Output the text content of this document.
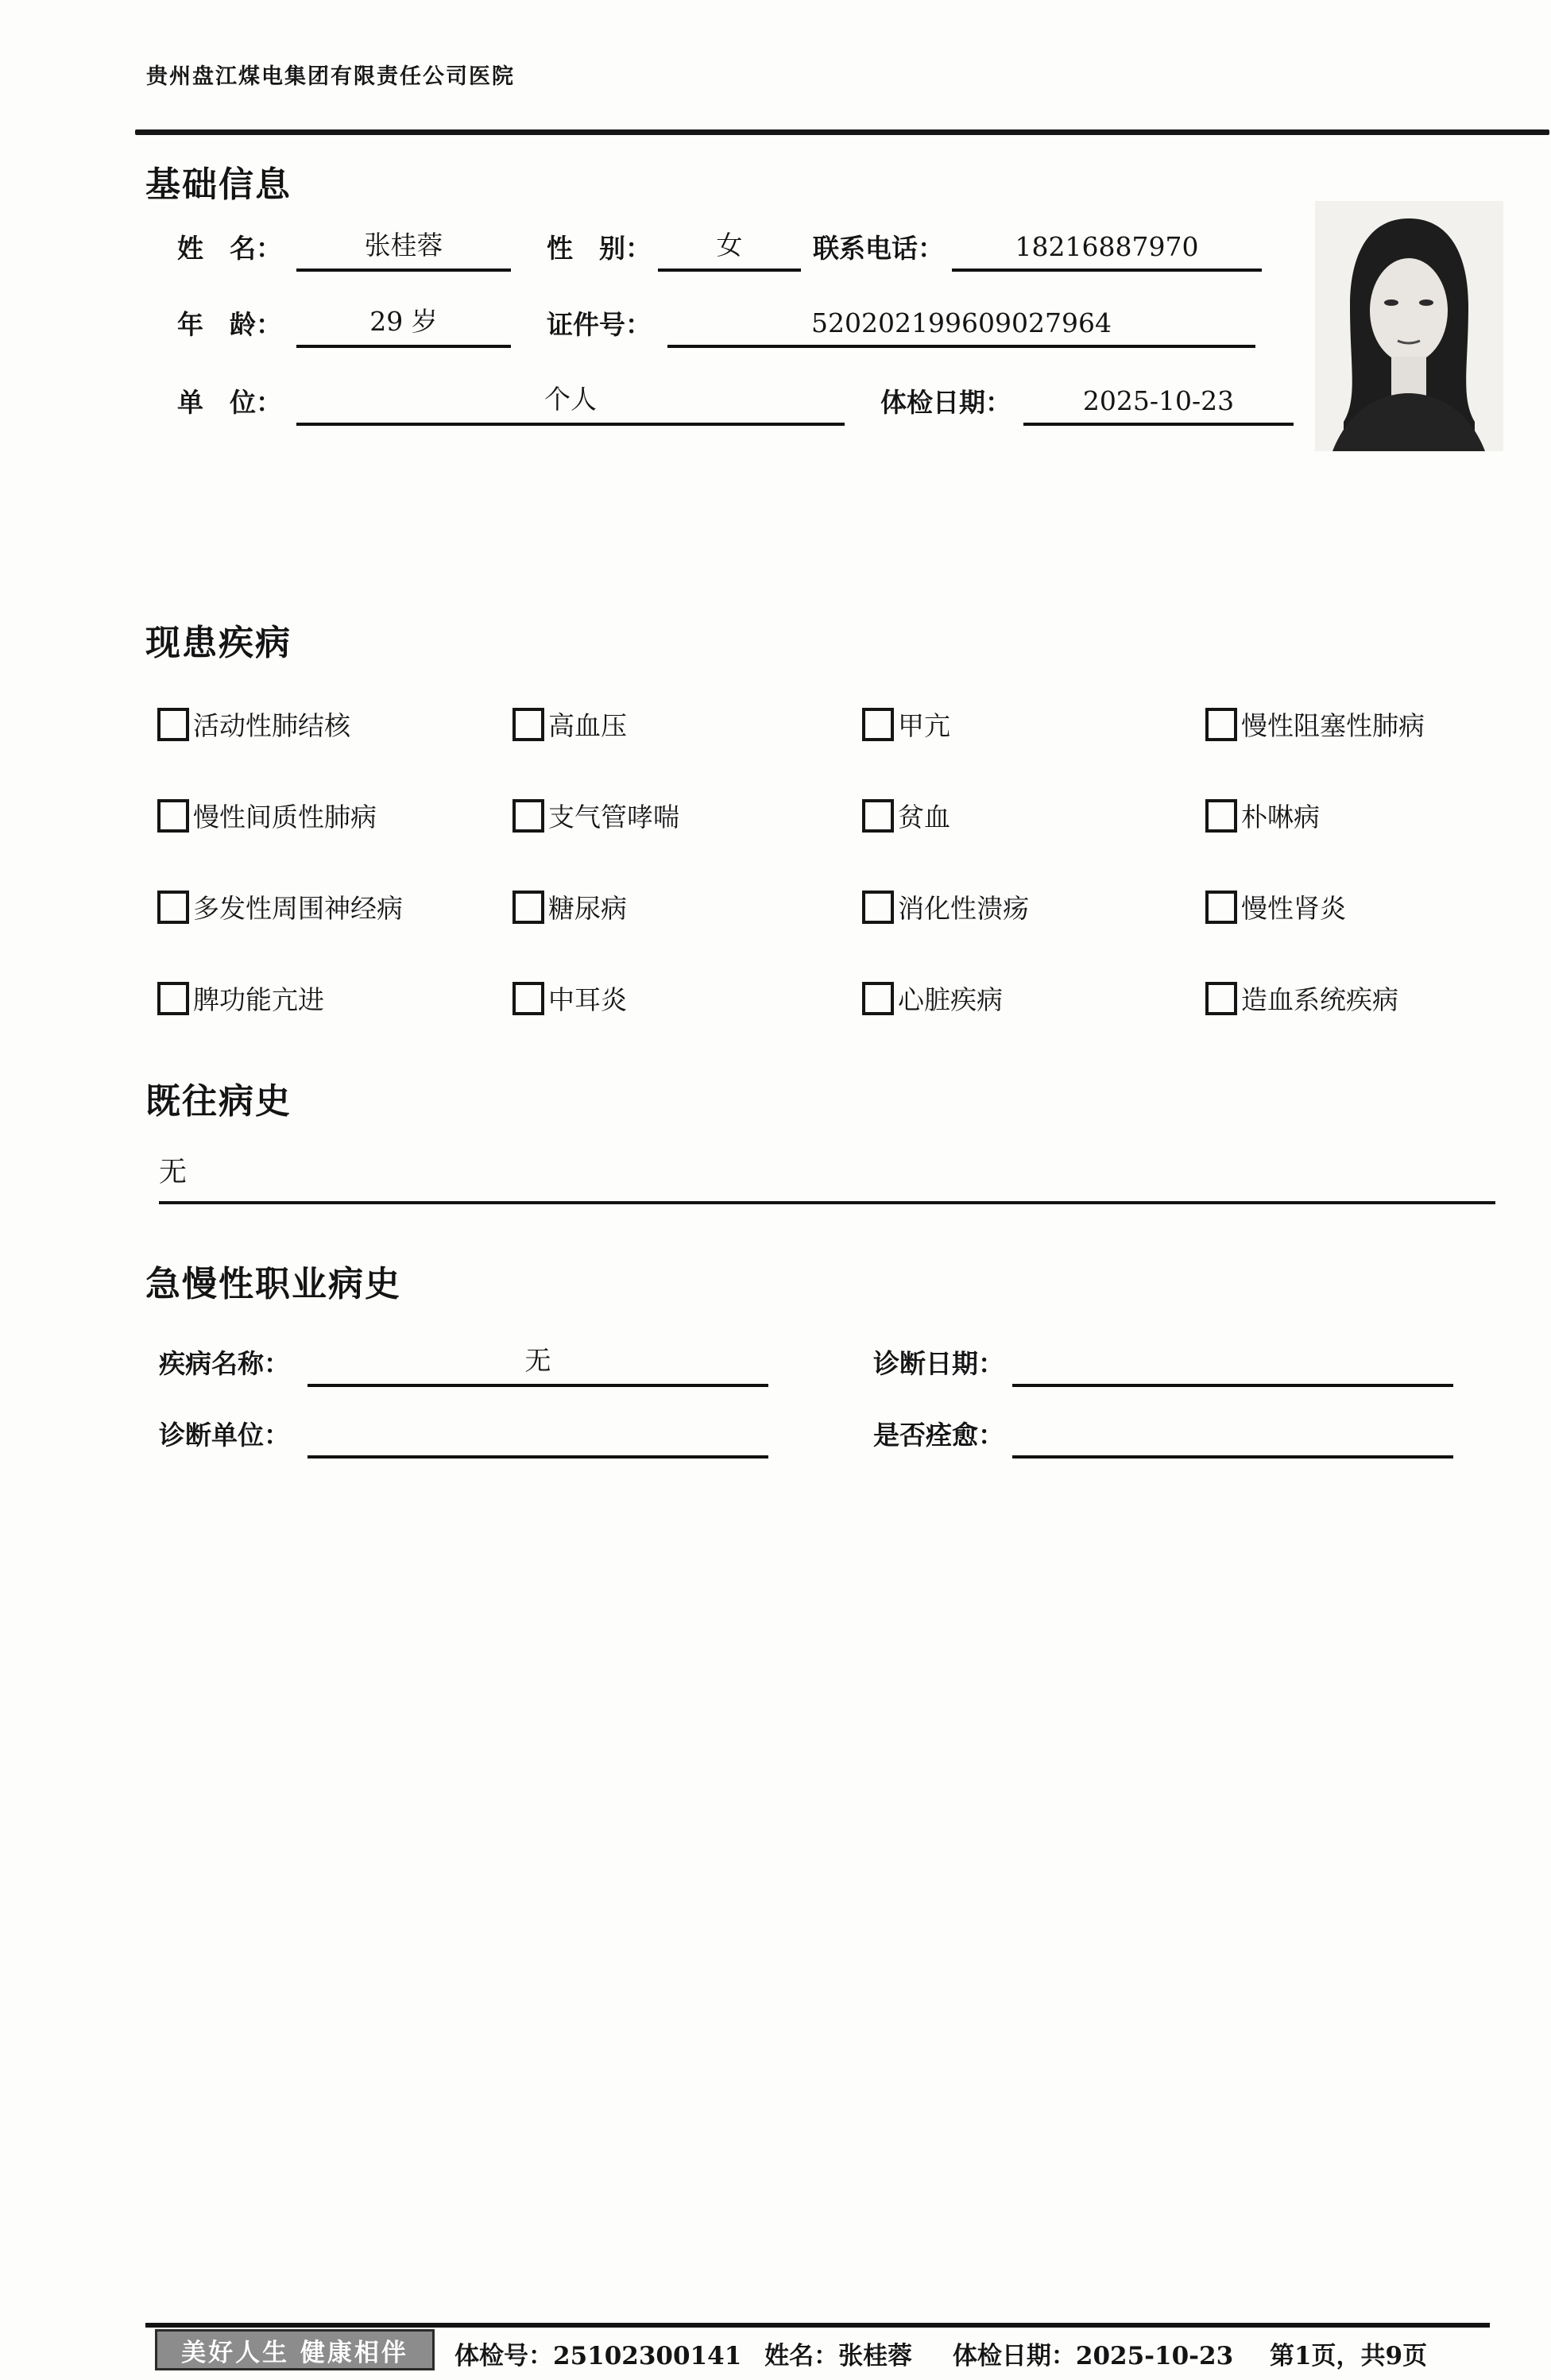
贵州盘江煤电集团有限责任公司医院
基础信息
姓　名：	张桂蓉	性　别：	女	联系电话：	18216887970
年　龄：	29 岁	证件号：	520202199609027964
单　位：	个人	体检日期：	2025-10-23
现患疾病
活动性肺结核	高血压	甲亢	慢性阻塞性肺病
慢性间质性肺病	支气管哮喘	贫血	朴啉病
多发性周围神经病	糖尿病	消化性溃疡	慢性肾炎
脾功能亢进	中耳炎	心脏疾病	造血系统疾病
既往病史
无
急慢性职业病史
疾病名称：	无	诊断日期：
诊断单位：	是否痊愈：
美好人生 健康相伴	体检号：25102300141 姓名：张桂蓉 体检日期：2025-10-23 第1页，共9页
